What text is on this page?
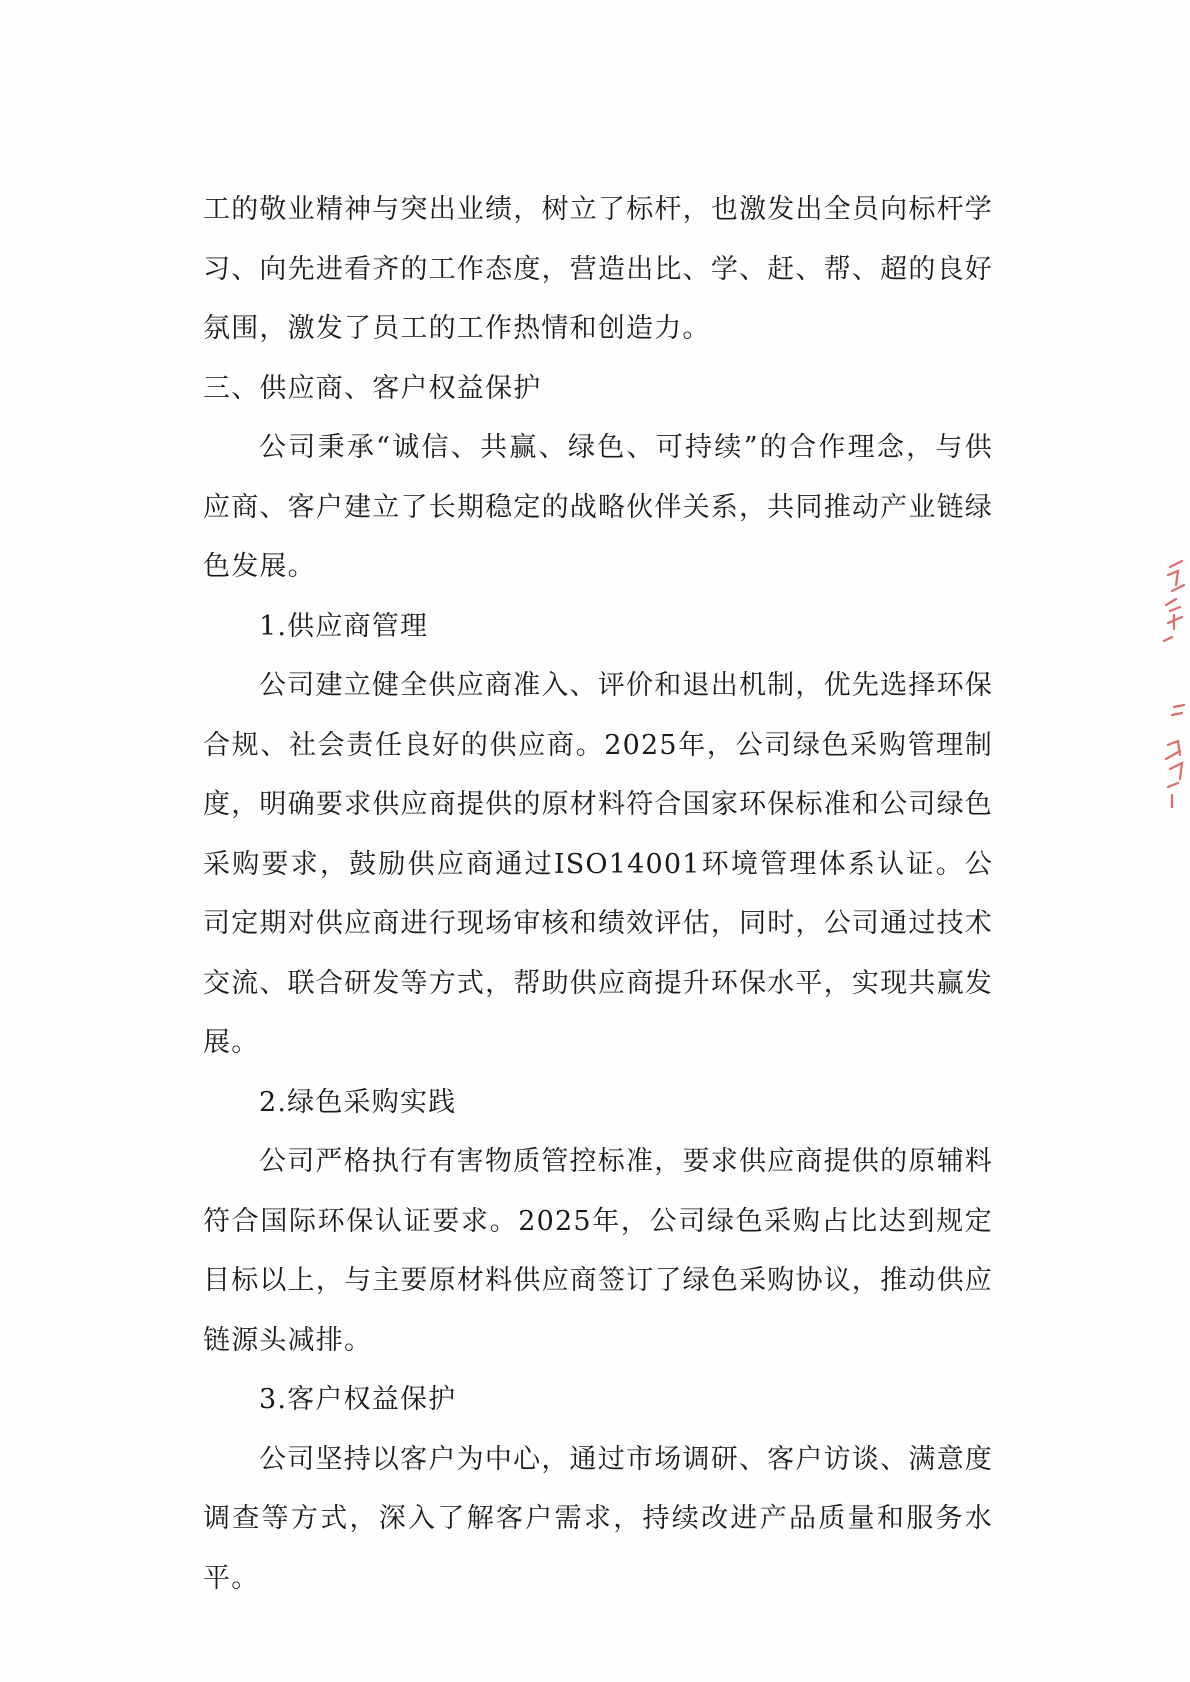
工的敬业精神与突出业绩，树立了标杆，也激发出全员向标杆学习、向先进看齐的工作态度，营造出比、学、赶、帮、超的良好氛围，激发了员工的工作热情和创造力。

三、供应商、客户权益保护

公司秉承“诚信、共赢、绿色、可持续”的合作理念，与供应商、客户建立了长期稳定的战略伙伴关系，共同推动产业链绿色发展。

1.供应商管理

公司建立健全供应商准入、评价和退出机制，优先选择环保合规、社会责任良好的供应商。2025年，公司绿色采购管理制度，明确要求供应商提供的原材料符合国家环保标准和公司绿色采购要求，鼓励供应商通过ISO14001环境管理体系认证。公司定期对供应商进行现场审核和绩效评估，同时，公司通过技术交流、联合研发等方式，帮助供应商提升环保水平，实现共赢发展。

2.绿色采购实践

公司严格执行有害物质管控标准，要求供应商提供的原辅料符合国际环保认证要求。2025年，公司绿色采购占比达到规定目标以上，与主要原材料供应商签订了绿色采购协议，推动供应链源头减排。

3.客户权益保护

公司坚持以客户为中心，通过市场调研、客户访谈、满意度调查等方式，深入了解客户需求，持续改进产品质量和服务水平。
